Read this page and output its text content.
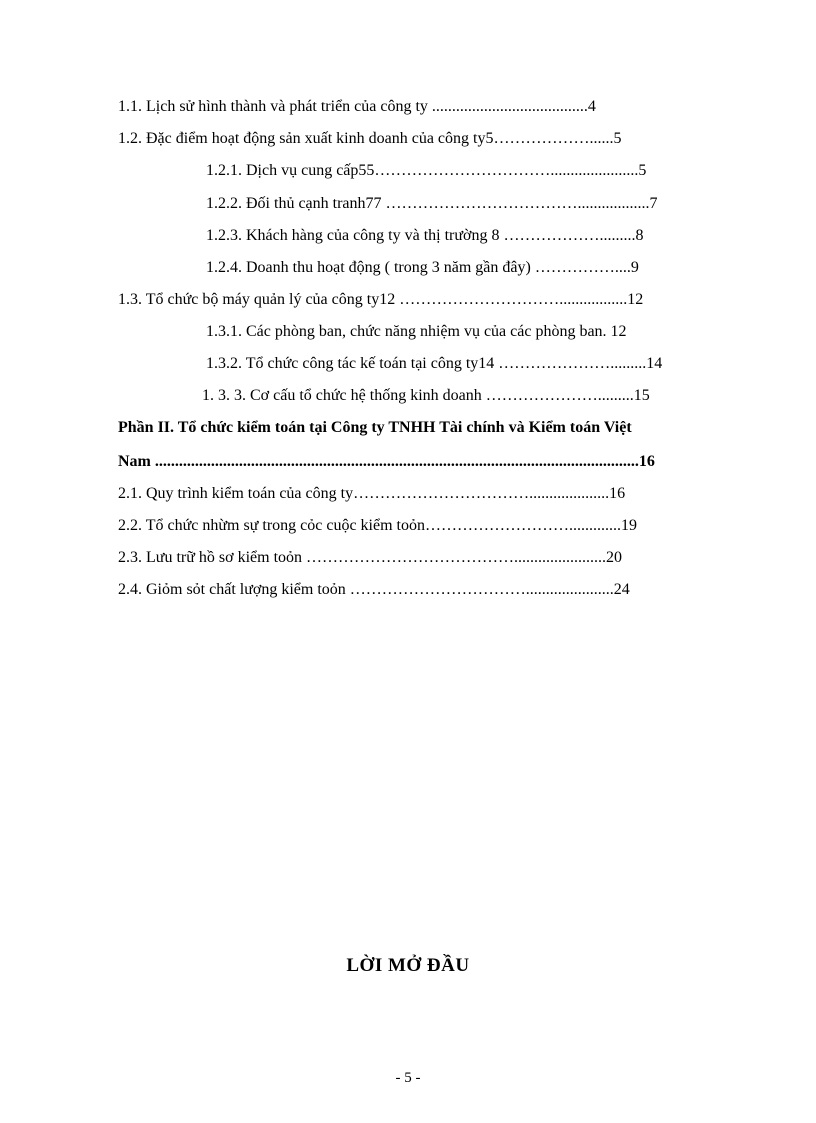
1.1. Lịch sử hình thành và phát triển của công ty .......................................4
1.2. Đặc điểm hoạt động sản xuất kinh doanh của công ty5………………......5
1.2.1. Dịch vụ cung cấp55……………………………......................5
1.2.2. Đối thủ cạnh tranh77 ………………………………..................7
1.2.3. Khách hàng của công ty và thị trường 8 ……………….........8
1.2.4. Doanh thu hoạt động ( trong 3 năm gần đây) ……………....9
1.3. Tổ chức bộ máy quản lý của công ty12 ………………………….................12
1.3.1. Các phòng ban, chức năng nhiệm vụ của các phòng ban. 12
1.3.2. Tổ chức công tác kế toán tại công ty14 ………………….........14
1. 3. 3. Cơ cấu tổ chức hệ thống kinh doanh ………………….........15
Phần II. Tổ chức kiểm toán tại Công ty TNHH Tài chính và Kiểm toán Việt
Nam .........................................................................................................................16
2.1. Quy trình kiểm toán của công ty……………………………....................16
2.2. Tổ chức nhừm sự trong cỏc cuộc kiểm toỏn……………………….............19
2.3. Lưu trữ hồ sơ kiểm toỏn ………………………………….......................20
2.4. Giỏm sỏt chất lượng kiểm toỏn ……………………………......................24
LỜI MỞ ĐẦU
- 5 -
